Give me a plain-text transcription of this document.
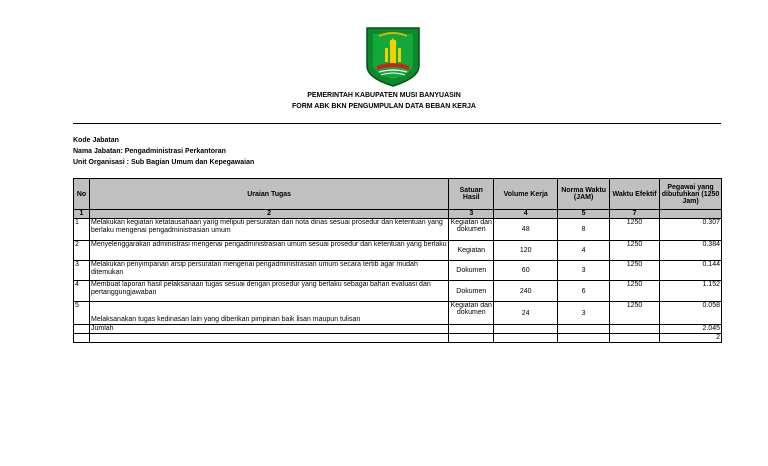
PEMERINTAH KABUPATEN MUSI BANYUASIN
FORM ABK BKN PENGUMPULAN DATA BEBAN KERJA
Kode Jabatan
Nama Jabatan: Pengadministrasi Perkantoran
Unit Organisasi : Sub Bagian Umum dan Kepegawaian
No	Uraian Tugas	Satuan Hasil	Volume Kerja	Norma Waktu (JAM)	Waktu Efektif	Pegawai yang dibutuhkan (1250 Jam)
1	2	3	4	5	7	
1	Melakukan kegiatan ketatausahaan yang meliputi persuratan dan nota dinas sesuai prosedur dan ketentuan yang berlaku mengenai pengadministrasian umum	Kegiatan dan dokumen	48	8	1250	0.307
2	Menyelenggarakan administrasi mengenai pengadministrasian umum sesuai prosedur dan ketentuan yang berlaku	Kegiatan	120	4	1250	0.384
3	Melakukan penyimpanan arsip persuratan mengenai pengadministrasian umum secara tertib agar mudah ditemukan	Dokumen	60	3	1250	0.144
4	Membuat laporan hasil pelaksanaan tugas sesuai dengan prosedur yang berlaku sebagai bahan evaluasi dan pertanggungjawaban	Dokumen	240	6	1250	1.152
5	Melaksanakan tugas kedinasan lain yang diberikan pimpinan baik lisan maupun tulisan	Kegiatan dan dokumen	24	3	1250	0.058
	Jumlah					2.045
						2
